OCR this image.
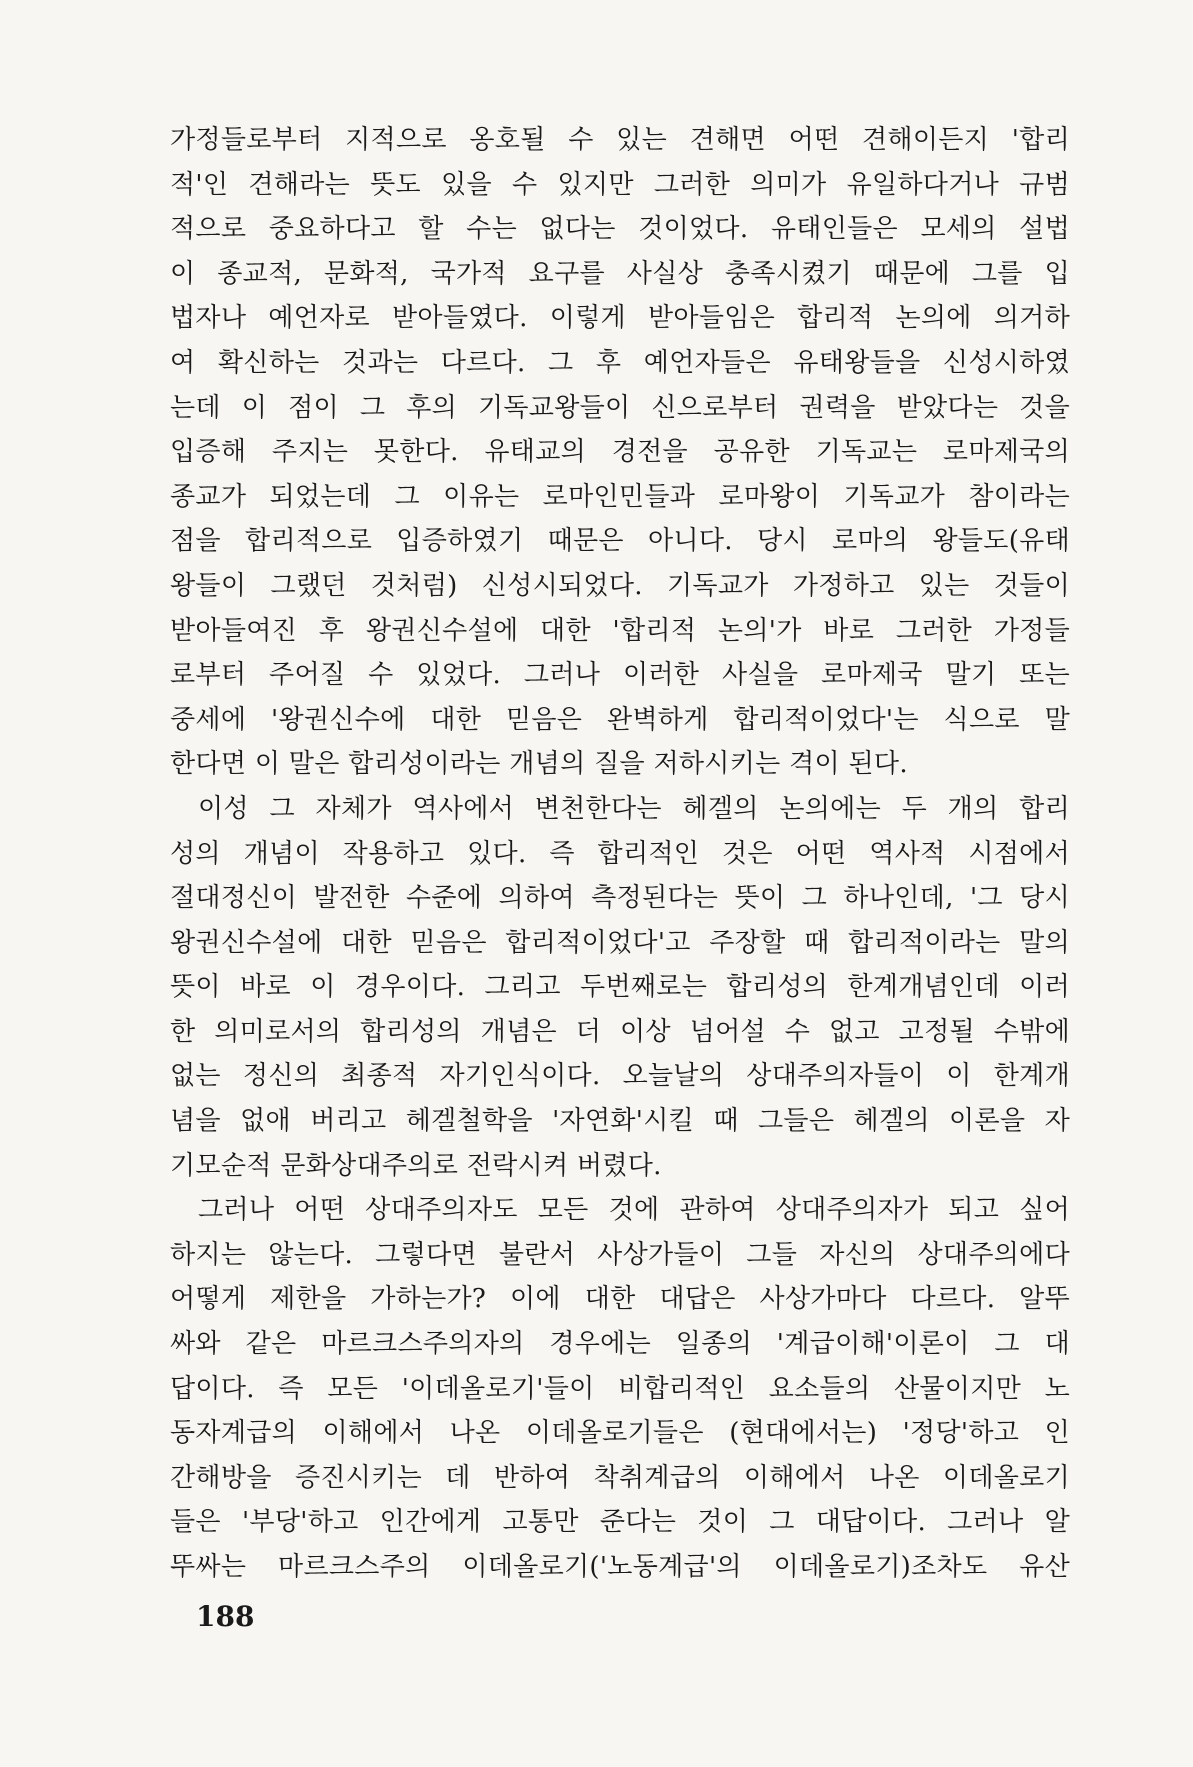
가정들로부터 지적으로 옹호될 수 있는 견해면 어떤 견해이든지 '합리
적'인 견해라는 뜻도 있을 수 있지만 그러한 의미가 유일하다거나 규범
적으로 중요하다고 할 수는 없다는 것이었다. 유태인들은 모세의 설법
이 종교적, 문화적, 국가적 요구를 사실상 충족시켰기 때문에 그를 입
법자나 예언자로 받아들였다. 이렇게 받아들임은 합리적 논의에 의거하
여 확신하는 것과는 다르다. 그 후 예언자들은 유태왕들을 신성시하였
는데 이 점이 그 후의 기독교왕들이 신으로부터 권력을 받았다는 것을
입증해 주지는 못한다. 유태교의 경전을 공유한 기독교는 로마제국의
종교가 되었는데 그 이유는 로마인민들과 로마왕이 기독교가 참이라는
점을 합리적으로 입증하였기 때문은 아니다. 당시 로마의 왕들도(유태
왕들이 그랬던 것처럼) 신성시되었다. 기독교가 가정하고 있는 것들이
받아들여진 후 왕권신수설에 대한 '합리적 논의'가 바로 그러한 가정들
로부터 주어질 수 있었다. 그러나 이러한 사실을 로마제국 말기 또는
중세에 '왕권신수에 대한 믿음은 완벽하게 합리적이었다'는 식으로 말
한다면 이 말은 합리성이라는 개념의 질을 저하시키는 격이 된다.
이성 그 자체가 역사에서 변천한다는 헤겔의 논의에는 두 개의 합리
성의 개념이 작용하고 있다. 즉 합리적인 것은 어떤 역사적 시점에서
절대정신이 발전한 수준에 의하여 측정된다는 뜻이 그 하나인데, '그 당시
왕권신수설에 대한 믿음은 합리적이었다'고 주장할 때 합리적이라는 말의
뜻이 바로 이 경우이다. 그리고 두번째로는 합리성의 한계개념인데 이러
한 의미로서의 합리성의 개념은 더 이상 넘어설 수 없고 고정될 수밖에
없는 정신의 최종적 자기인식이다. 오늘날의 상대주의자들이 이 한계개
념을 없애 버리고 헤겔철학을 '자연화'시킬 때 그들은 헤겔의 이론을 자
기모순적 문화상대주의로 전락시켜 버렸다.
그러나 어떤 상대주의자도 모든 것에 관하여 상대주의자가 되고 싶어
하지는 않는다. 그렇다면 불란서 사상가들이 그들 자신의 상대주의에다
어떻게 제한을 가하는가? 이에 대한 대답은 사상가마다 다르다. 알뚜
싸와 같은 마르크스주의자의 경우에는 일종의 '계급이해'이론이 그 대
답이다. 즉 모든 '이데올로기'들이 비합리적인 요소들의 산물이지만 노
동자계급의 이해에서 나온 이데올로기들은 (현대에서는) '정당'하고 인
간해방을 증진시키는 데 반하여 착취계급의 이해에서 나온 이데올로기
들은 '부당'하고 인간에게 고통만 준다는 것이 그 대답이다. 그러나 알
뚜싸는 마르크스주의 이데올로기('노동계급'의 이데올로기)조차도 유산
188
